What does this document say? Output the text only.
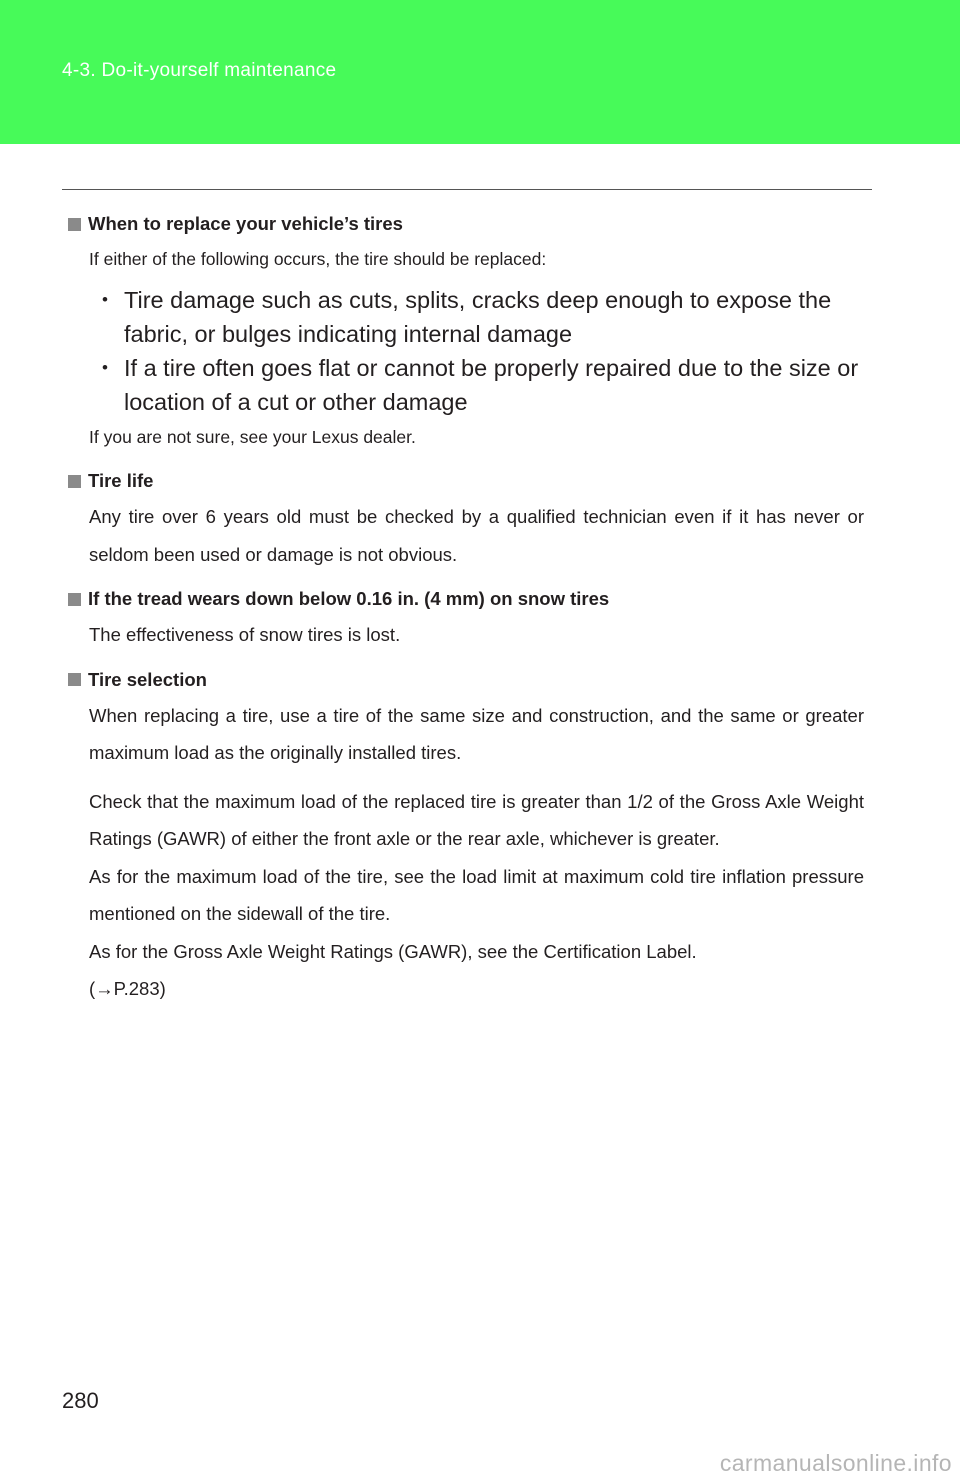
4-3. Do-it-yourself maintenance
When to replace your vehicle’s tires
If either of the following occurs, the tire should be replaced:
• Tire damage such as cuts, splits, cracks deep enough to expose the fabric, or bulges indicating internal damage
• If a tire often goes flat or cannot be properly repaired due to the size or location of a cut or other damage
If you are not sure, see your Lexus dealer.
Tire life
Any tire over 6 years old must be checked by a qualified technician even if it has never or seldom been used or damage is not obvious.
If the tread wears down below 0.16 in. (4 mm) on snow tires
The effectiveness of snow tires is lost.
Tire selection
When replacing a tire, use a tire of the same size and construction, and the same or greater maximum load as the originally installed tires.
Check that the maximum load of the replaced tire is greater than 1/2 of the Gross Axle Weight Ratings (GAWR) of either the front axle or the rear axle, whichever is greater.
As for the maximum load of the tire, see the load limit at maximum cold tire inflation pressure mentioned on the sidewall of the tire.
As for the Gross Axle Weight Ratings (GAWR), see the Certification Label.
(→P.283)
280
carmanualsonline.info
